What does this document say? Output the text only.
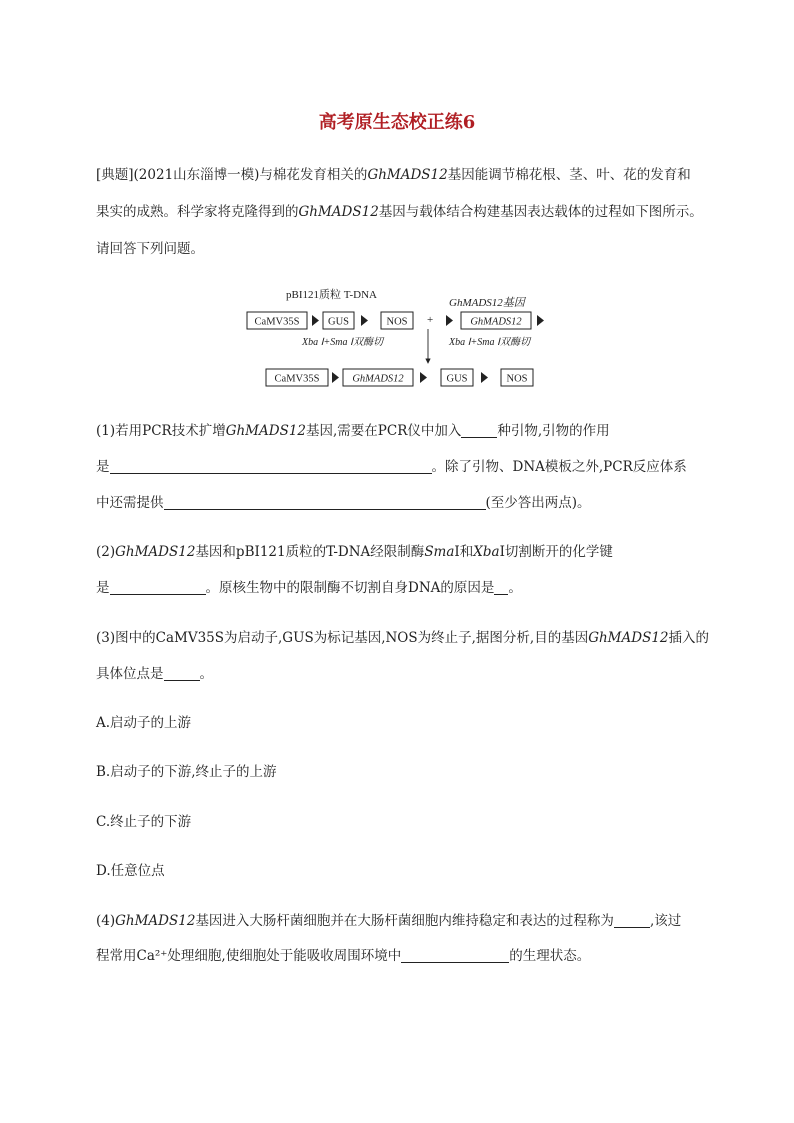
高考原生态校正练6
[典题](2021山东淄博一模)与棉花发育相关的GhMADS12基因能调节棉花根、茎、叶、花的发育和
果实的成熟。科学家将克隆得到的GhMADS12基因与载体结合构建基因表达载体的过程如下图所示。
请回答下列问题。
pBI121质粒 T-DNA
GhMADS12基因
CaMV35S	GUS	NOS +	GhMADS12
Xba Ⅰ+Sma Ⅰ双酶切	Xba Ⅰ+Sma Ⅰ双酶切
CaMV35S	GhMADS12	GUS	NOS
(1)若用PCR技术扩增GhMADS12基因,需要在PCR仪中加入	种引物,引物的作用
是	。除了引物、DNA模板之外,PCR反应体系
中还需提供	(至少答出两点)。
(2)GhMADS12基因和pBI121质粒的T-DNA经限制酶SmaⅠ和XbaⅠ切割断开的化学键
是	。原核生物中的限制酶不切割自身DNA的原因是 。
(3)图中的CaMV35S为启动子,GUS为标记基因,NOS为终止子,据图分析,目的基因GhMADS12插入的
具体位点是	。
A.启动子的上游
B.启动子的下游,终止子的上游
C.终止子的下游
D.任意位点
(4)GhMADS12基因进入大肠杆菌细胞并在大肠杆菌细胞内维持稳定和表达的过程称为	,该过
程常用Ca²⁺处理细胞,使细胞处于能吸收周围环境中	的生理状态。
